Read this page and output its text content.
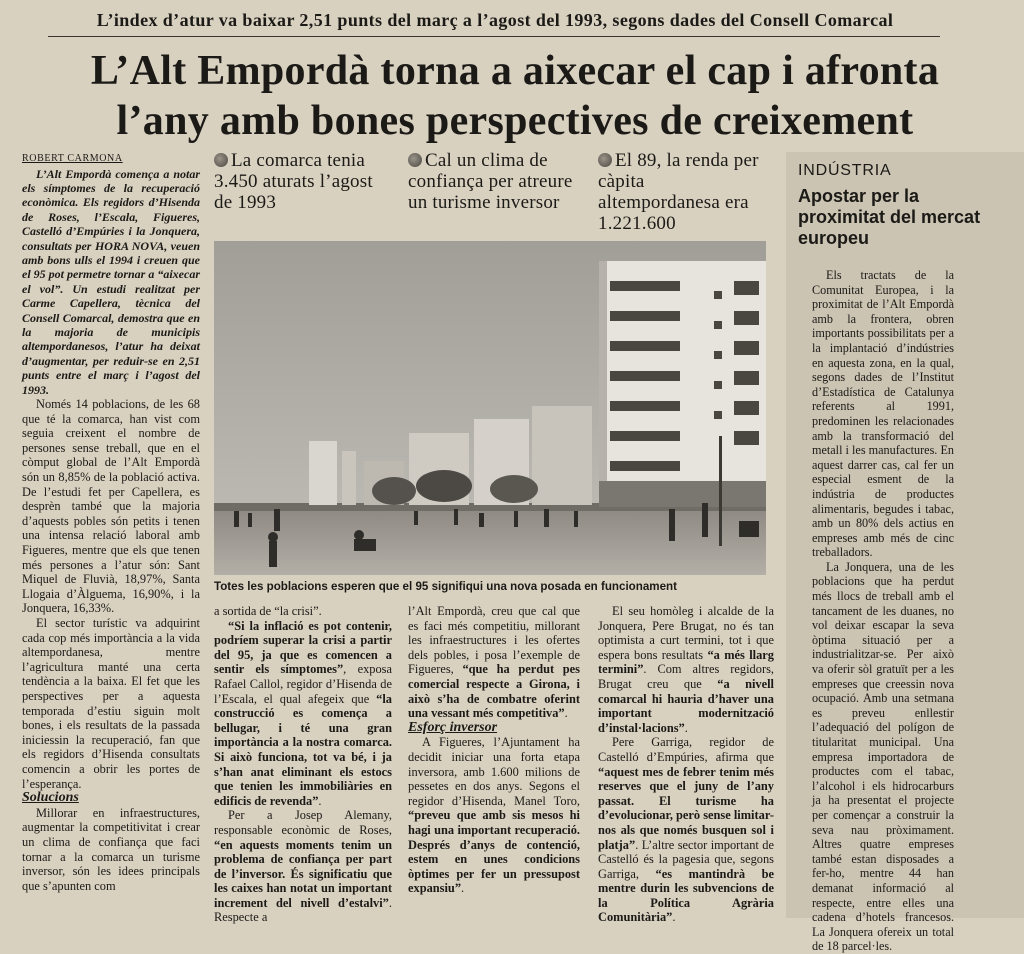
L’index d’atur va baixar 2,51 punts del març a l’agost del 1993, segons dades del Consell Comarcal
L’Alt Empordà torna a aixecar el cap i afronta
l’any amb bones perspectives de creixement

ROBERT CARMONA

L’Alt Empordà comença a notar els símptomes de la recuperació econòmica. Els regidors d’Hisenda de Roses, l’Escala, Figueres, Castelló d’Empúries i la Jonquera, consultats per HORA NOVA, veuen amb bons ulls el 1994 i creuen que el 95 pot permetre tornar a “aixecar el vol”. Un estudi realitzat per Carme Capellera, tècnica del Consell Comarcal, demostra que en la majoria de municipis altempordanesos, l’atur ha deixat d’augmentar, per reduir-se en 2,51 punts entre el març i l’agost del 1993.

Només 14 poblacions, de les 68 que té la comarca, han vist com seguia creixent el nombre de persones sense treball, que en el còmput global de l’Alt Empordà són un 8,85% de la població activa. De l’estudi fet per Capellera, es desprèn també que la majoria d’aquests pobles són petits i tenen una intensa relació laboral amb Figueres, mentre que els que tenen més persones a l’atur són: Sant Miquel de Fluvià, 18,97%, Santa Llogaia d’Àlguema, 16,90%, i la Jonquera, 16,33%.

El sector turístic va adquirint cada cop més importància a la vida altempordanesa, mentre l’agricultura manté una certa tendència a la baixa. El fet que les perspectives per a aquesta temporada d’estiu siguin molt bones, i els resultats de la passada iniciessin la recuperació, fan que els regidors d’Hisenda consultats comencin a obrir les portes de l’esperança.

Solucions

Millorar en infraestructures, augmentar la competitivitat i crear un clima de confiança que faci tornar a la comarca un turisme inversor, són les idees principals que s’apunten com

La comarca tenia 3.450 aturats l’agost de 1993
Cal un clima de confiança per atreure un turisme inversor
El 89, la renda per càpita altempordanesa era 1.221.600
Totes les poblacions esperen que el 95 signifiqui una nova posada en funcionament

a sortida de “la crisi”.

“Si la inflació es pot contenir, podríem superar la crisi a partir del 95, ja que es comencen a sentir els símptomes”, exposa Rafael Callol, regidor d’Hisenda de l’Escala, el qual afegeix que “la construcció es comença a bellugar, i té una gran importància a la nostra comarca. Si això funciona, tot va bé, i ja s’han anat eliminant els estocs que tenien les immobiliàries en edificis de revenda”.

Per a Josep Alemany, responsable econòmic de Roses, “en aquests moments tenim un problema de confiança per part de l’inversor. És significatiu que les caixes han notat un important increment del nivell d’estalvi”. Respecte a

l’Alt Empordà, creu que cal que es faci més competitiu, millorant les infraestructures i les ofertes dels pobles, i posa l’exemple de Figueres, “que ha perdut pes comercial respecte a Girona, i això s’ha de combatre oferint una vessant més competitiva”.

Esforç inversor

A Figueres, l’Ajuntament ha decidit iniciar una forta etapa inversora, amb 1.600 milions de pessetes en dos anys. Segons el regidor d’Hisenda, Manel Toro, “preveu que amb sis mesos hi hagi una important recuperació. Després d’anys de contenció, estem en unes condicions òptimes per fer un pressupost expansiu”.

El seu homòleg i alcalde de la Jonquera, Pere Brugat, no és tan optimista a curt termini, tot i que espera bons resultats “a més llarg termini”. Com altres regidors, Brugat creu que “a nivell comarcal hi hauria d’haver una important modernització d’instal·lacions”.

Pere Garriga, regidor de Castelló d’Empúries, afirma que “aquest mes de febrer tenim més reserves que el juny de l’any passat. El turisme ha d’evolucionar, però sense limitar-nos als que només busquen sol i platja”. L’altre sector important de Castelló és la pagesia que, segons Garriga, “es mantindrà be mentre durin les subvencions de la Política Agrària Comunitària”.

INDÚSTRIA
Apostar per la proximitat del mercat europeu

Els tractats de la Comunitat Europea, i la proximitat de l’Alt Empordà amb la frontera, obren importants possibilitats per a la implantació d’indústries en aquesta zona, en la qual, segons dades de l’Institut d’Estadística de Catalunya referents al 1991, predominen les relacionades amb la transformació del metall i les manufactures. En aquest darrer cas, cal fer un especial esment de la indústria de productes alimentaris, begudes i tabac, amb un 80% dels actius en empreses amb més de cinc treballadors.

La Jonquera, una de les poblacions que ha perdut més llocs de treball amb el tancament de les duanes, no vol deixar escapar la seva òptima situació per a industrialitzar-se. Per això va oferir sòl gratuït per a les empreses que creessin nova ocupació. Amb una setmana es preveu enllestir l’adequació del polígon de titularitat municipal. Una empresa importadora de productes com el tabac, l’alcohol i els hidrocarburs ja ha presentat el projecte per començar a construir la seva nau pròximament. Altres quatre empreses també estan disposades a fer-ho, mentre 44 han demanat informació al respecte, entre elles una cadena d’hotels francesos. La Jonquera ofereix un total de 18 parcel·les.
